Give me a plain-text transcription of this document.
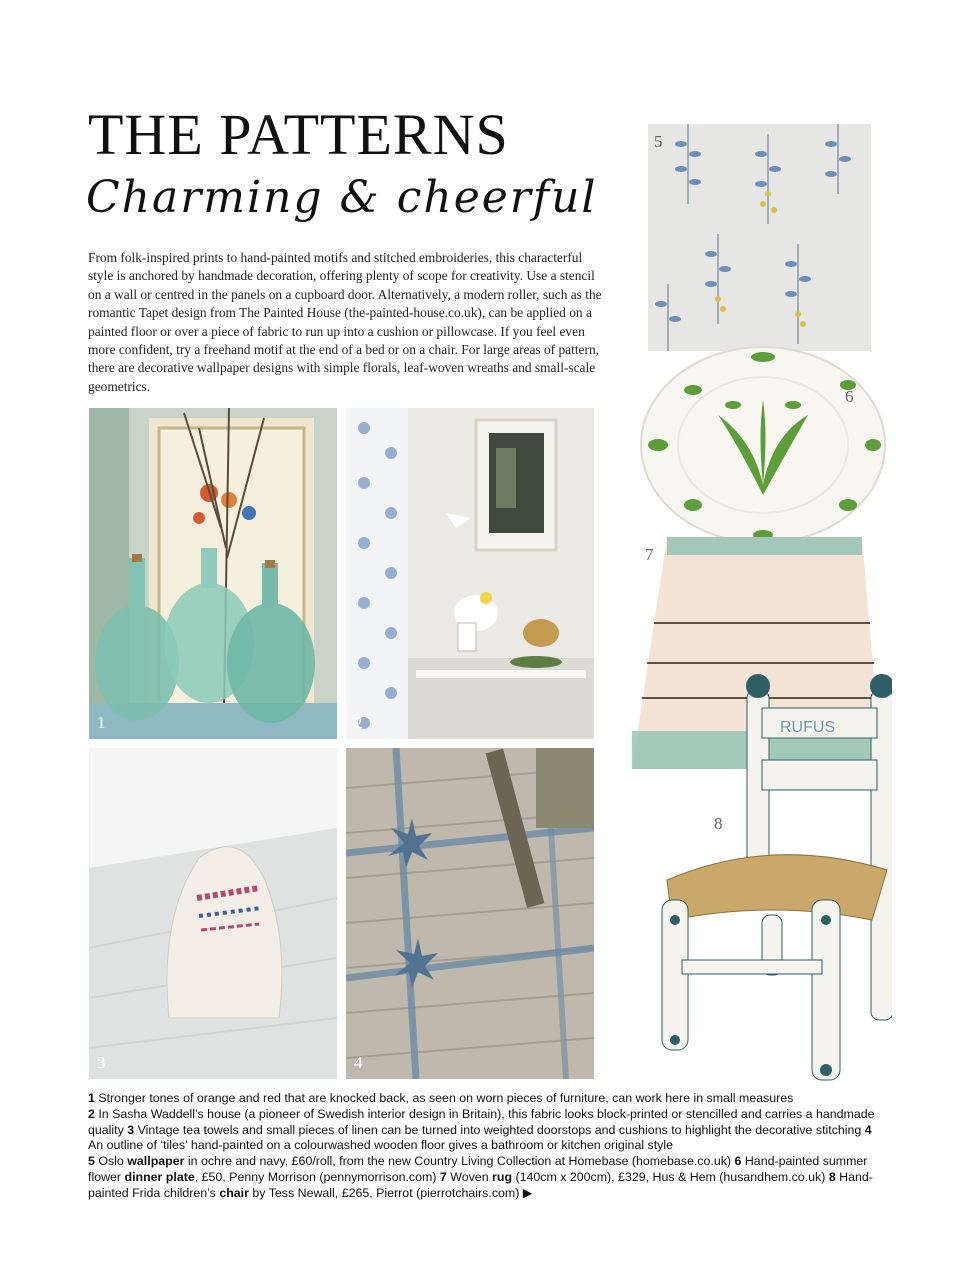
THE PATTERNS
Charming & cheerful

From folk-inspired prints to hand-painted motifs and stitched embroideries, this characterful style is anchored by handmade decoration, offering plenty of scope for creativity. Use a stencil on a wall or centred in the panels on a cupboard door. Alternatively, a modern roller, such as the romantic Tapet design from The Painted House (the-painted-house.co.uk), can be applied on a painted floor or over a piece of fabric to run up into a cushion or pillowcase. If you feel even more confident, try a freehand motif at the end of a bed or on a chair. For large areas of pattern, there are decorative wallpaper designs with simple florals, leaf-woven wreaths and small-scale geometrics.

1	2
3	4
5
6
7
RUFUS
8

1 Stronger tones of orange and red that are knocked back, as seen on worn pieces of furniture, can work here in small measures
2 In Sasha Waddell’s house (a pioneer of Swedish interior design in Britain), this fabric looks block-printed or stencilled and carries a handmade quality 3 Vintage tea towels and small pieces of linen can be turned into weighted doorstops and cushions to highlight the decorative stitching 4 An outline of ‘tiles’ hand-painted on a colourwashed wooden floor gives a bathroom or kitchen original style
5 Oslo wallpaper in ochre and navy, £60/roll, from the new Country Living Collection at Homebase (homebase.co.uk) 6 Hand-painted summer flower dinner plate, £50, Penny Morrison (pennymorrison.com) 7 Woven rug (140cm x 200cm), £329, Hus & Hem (husandhem.co.uk) 8 Hand-painted Frida children’s chair by Tess Newall, £265, Pierrot (pierrotchairs.com) ▶
